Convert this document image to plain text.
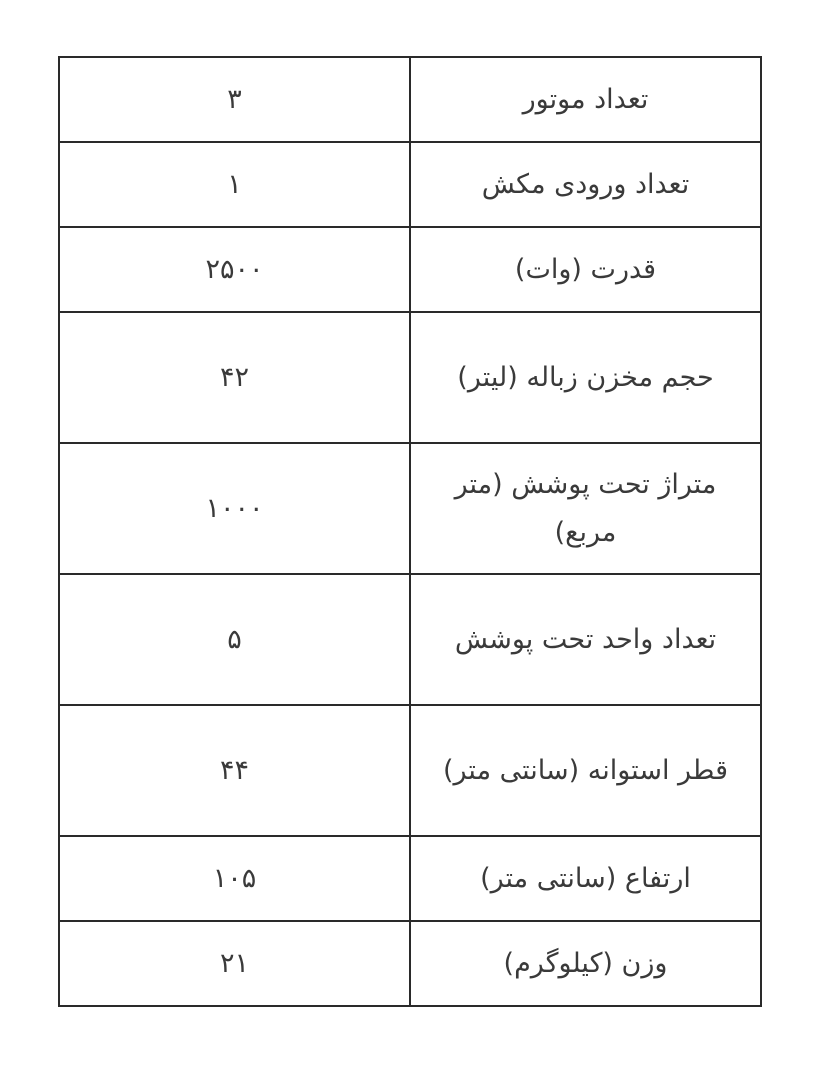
تعداد موتور	۳
تعداد ورودی مکش	۱
قدرت (وات)	۲۵۰۰
حجم مخزن زباله (لیتر)	۴۲
متراژ تحت پوشش (متر مربع)	۱۰۰۰
تعداد واحد تحت پوشش	۵
قطر استوانه (سانتی متر)	۴۴
ارتفاع (سانتی متر)	۱۰۵
وزن (کیلوگرم)	۲۱
